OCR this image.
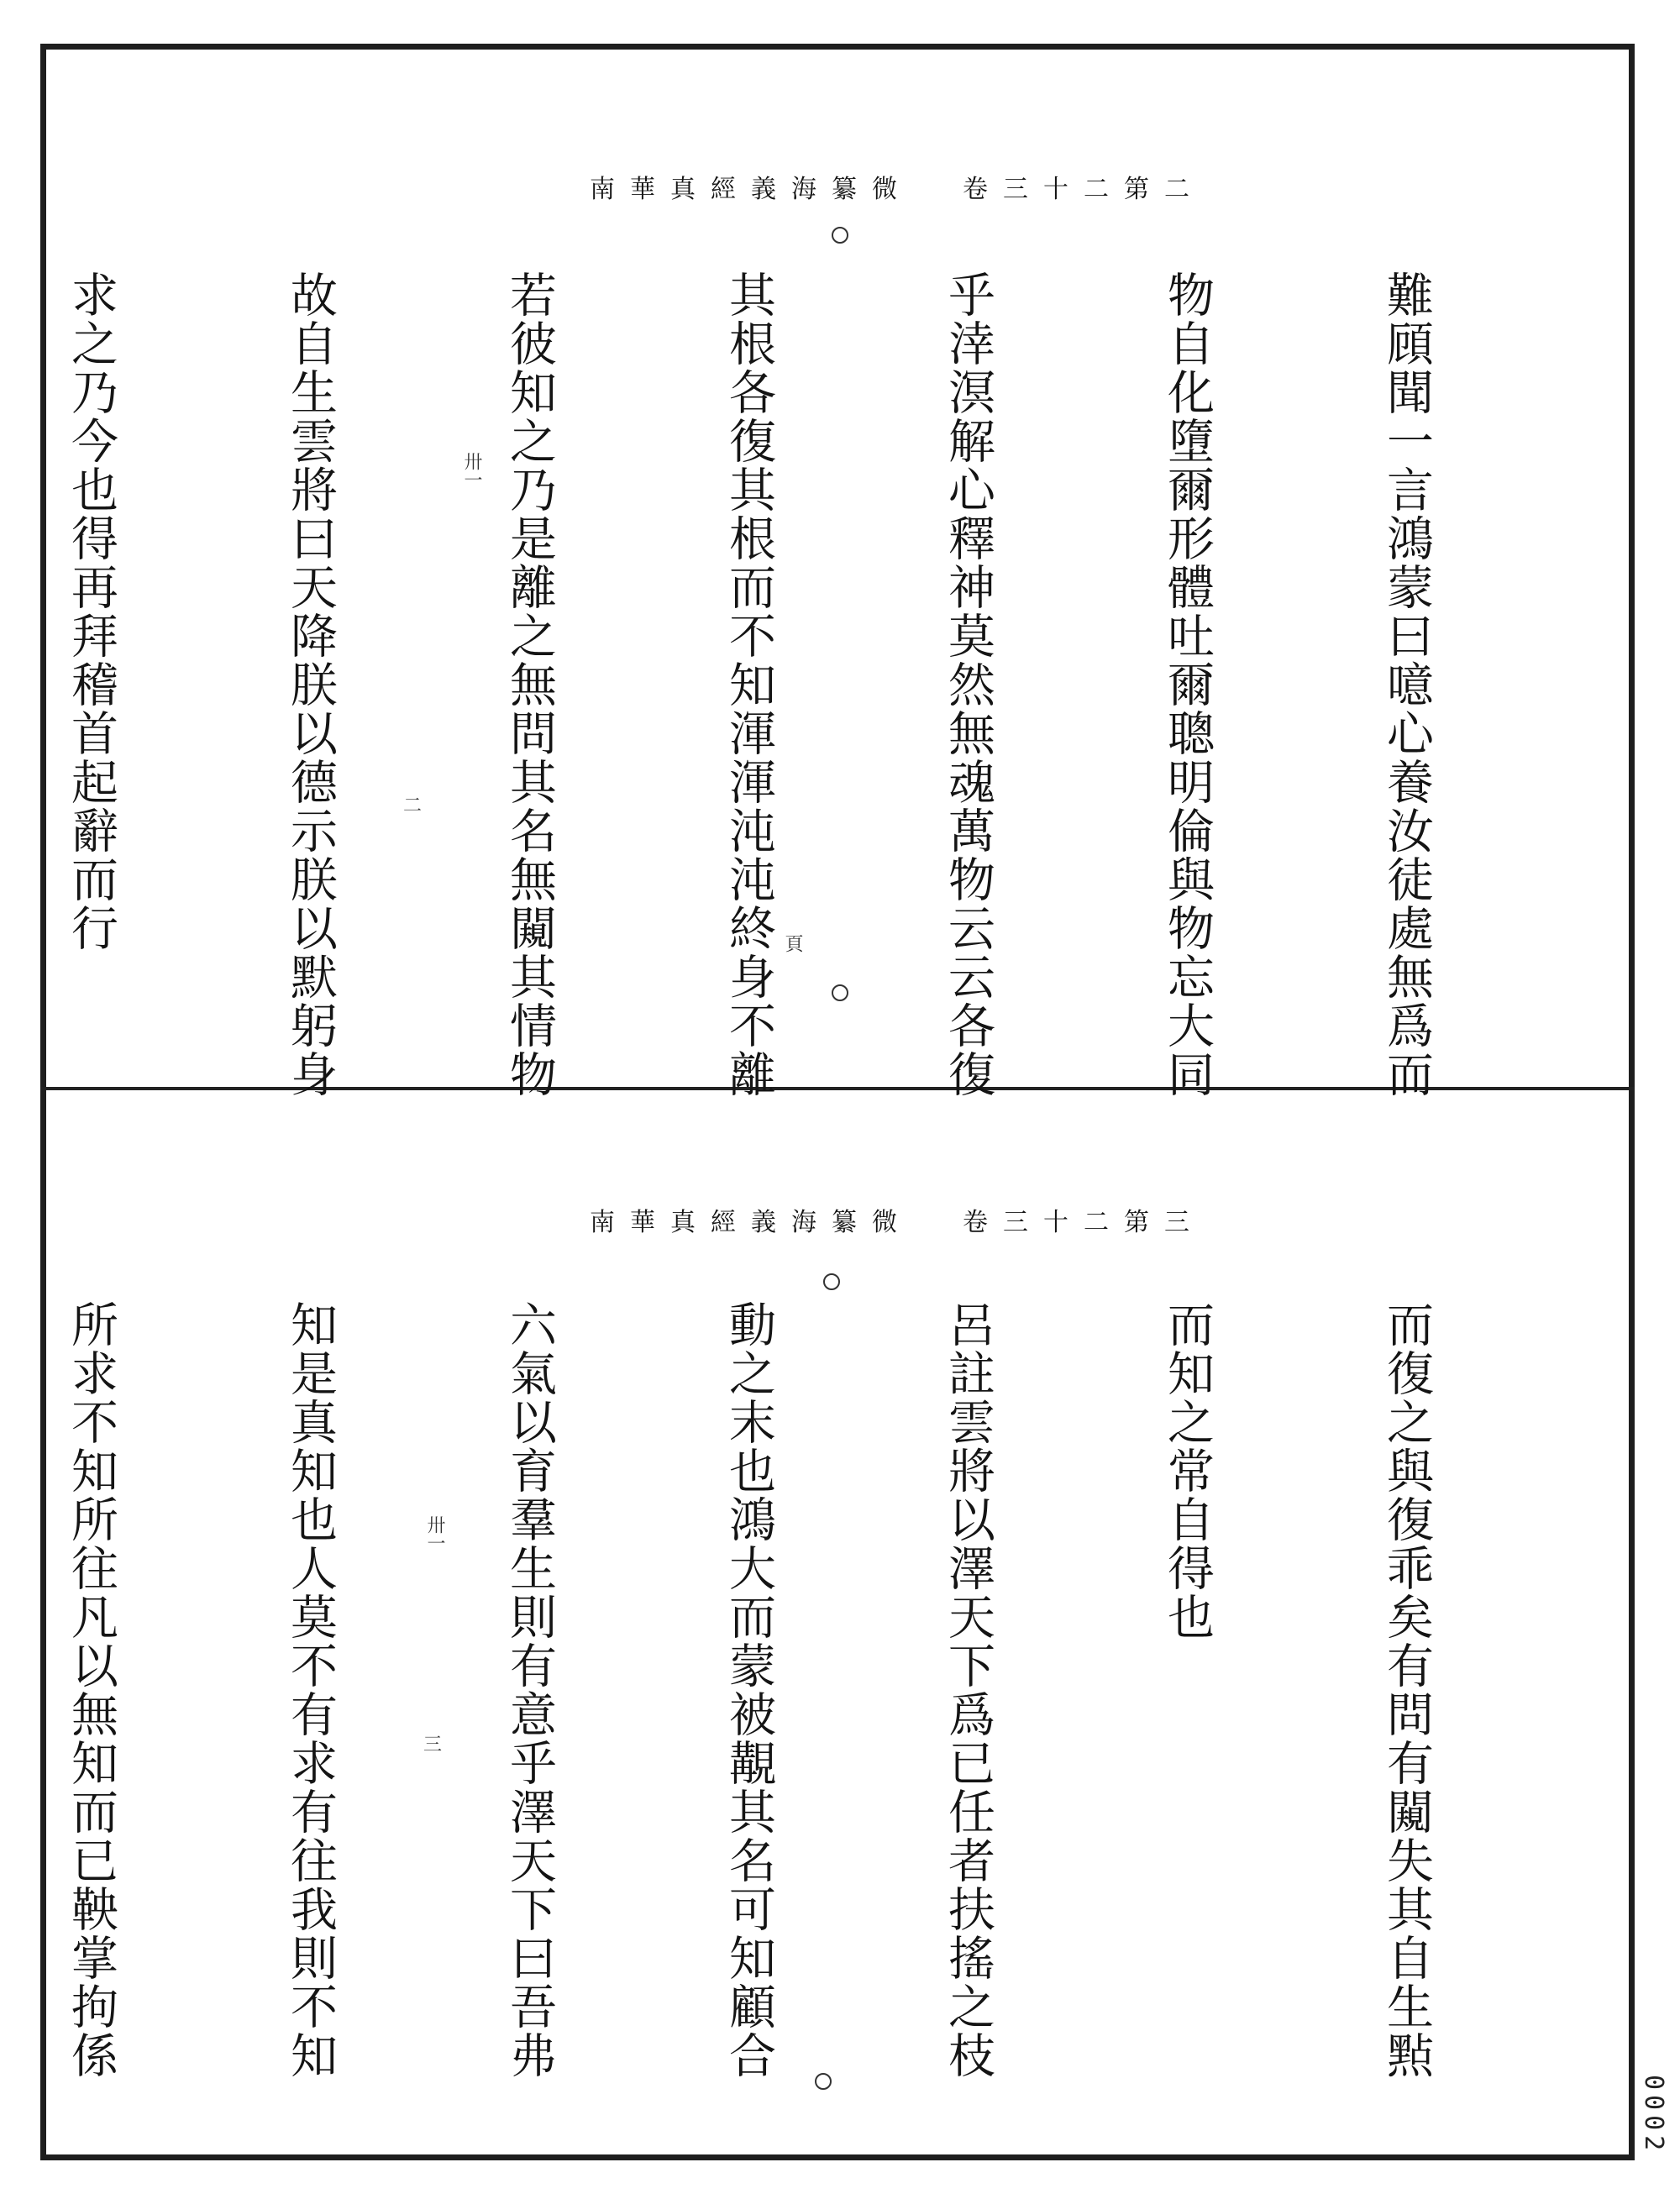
南華真經義海纂微 卷三十二第二
頁
卅一
二

	難頋聞一言鴻蒙曰噫心養汝徒處無爲而

物自化墮爾形體吐爾聰明倫與物忘大同

乎涬溟解心釋神莫然無魂萬物云云各復

其根各復其根而不知渾渾沌沌終身不離

若彼知之乃是離之無問其名無闚其情物

故自生雲將曰天降朕以德示朕以默躬身

求之乃今也得再拜稽首起辭而行

南華真經義海纂微 卷三十二第三
卅一
三

	而復之與復乖矣有問有闚失其自生㸃

而知之常自得也

呂註雲將以澤天下爲已任者扶搖之枝

動之末也鴻大而蒙被覯其名可知顧合

六氣以育羣生則有意乎澤天下曰吾弗

知是真知也人莫不有求有往我則不知

所求不知所往凡以無知而已鞅掌拘係

0002
